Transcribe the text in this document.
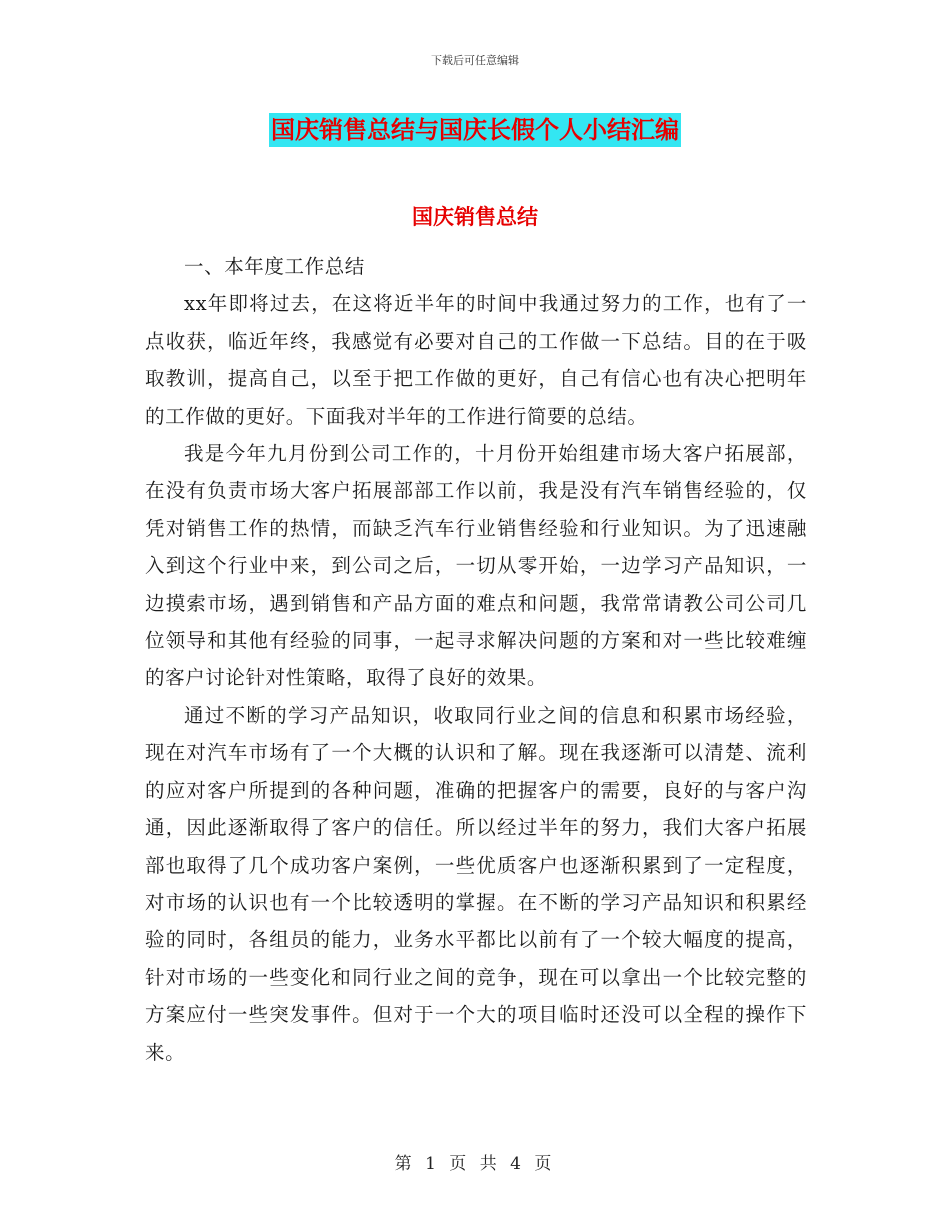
下载后可任意编辑
国庆销售总结与国庆长假个人小结汇编
国庆销售总结

一、本年度工作总结

xx年即将过去，在这将近半年的时间中我通过努力的工作，也有了一点收获，临近年终，我感觉有必要对自己的工作做一下总结。目的在于吸取教训，提高自己，以至于把工作做的更好，自己有信心也有决心把明年的工作做的更好。下面我对半年的工作进行简要的总结。

我是今年九月份到公司工作的，十月份开始组建市场大客户拓展部，在没有负责市场大客户拓展部部工作以前，我是没有汽车销售经验的，仅凭对销售工作的热情，而缺乏汽车行业销售经验和行业知识。为了迅速融入到这个行业中来，到公司之后，一切从零开始，一边学习产品知识，一边摸索市场，遇到销售和产品方面的难点和问题，我常常请教公司公司几位领导和其他有经验的同事，一起寻求解决问题的方案和对一些比较难缠的客户讨论针对性策略，取得了良好的效果。

通过不断的学习产品知识，收取同行业之间的信息和积累市场经验，现在对汽车市场有了一个大概的认识和了解。现在我逐渐可以清楚、流利的应对客户所提到的各种问题，准确的把握客户的需要，良好的与客户沟通，因此逐渐取得了客户的信任。所以经过半年的努力，我们大客户拓展部也取得了几个成功客户案例，一些优质客户也逐渐积累到了一定程度，对市场的认识也有一个比较透明的掌握。在不断的学习产品知识和积累经验的同时，各组员的能力，业务水平都比以前有了一个较大幅度的提高，针对市场的一些变化和同行业之间的竞争，现在可以拿出一个比较完整的方案应付一些突发事件。但对于一个大的项目临时还没可以全程的操作下来。

第 1 页 共 4 页
